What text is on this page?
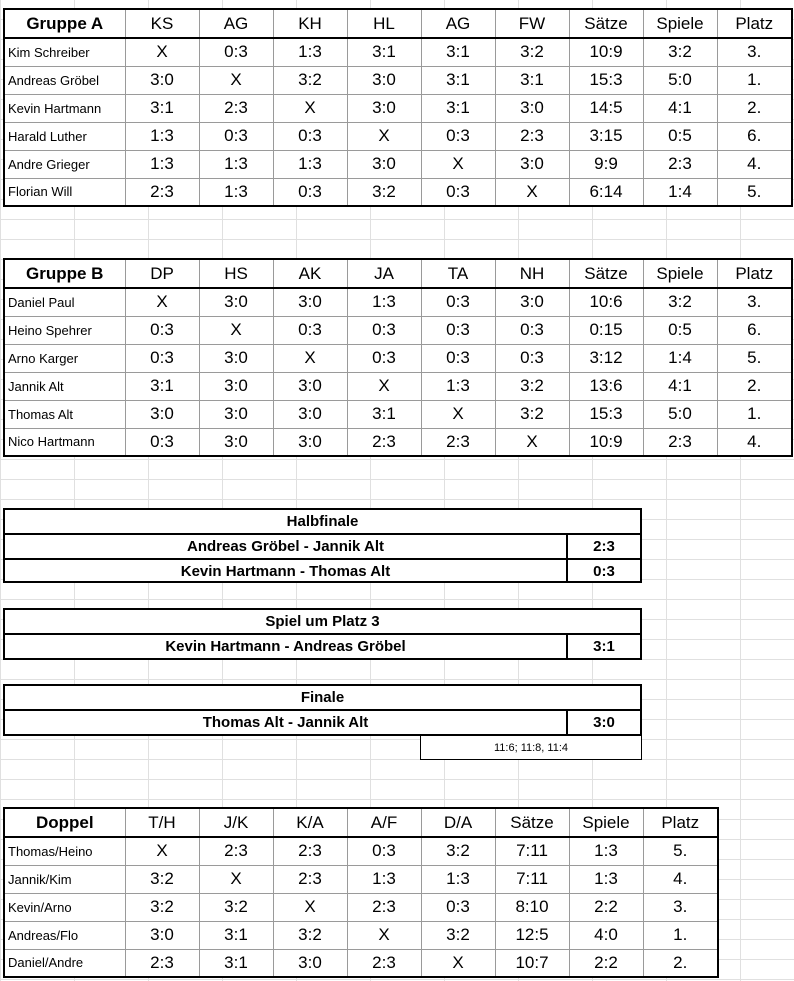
Gruppe A	KS	AG	KH	HL	AG	FW	Sätze	Spiele	Platz
Kim Schreiber	X	0:3	1:3	3:1	3:1	3:2	10:9	3:2	3.
Andreas Gröbel	3:0	X	3:2	3:0	3:1	3:1	15:3	5:0	1.
Kevin Hartmann	3:1	2:3	X	3:0	3:1	3:0	14:5	4:1	2.
Harald Luther	1:3	0:3	0:3	X	0:3	2:3	3:15	0:5	6.
Andre Grieger	1:3	1:3	1:3	3:0	X	3:0	9:9	2:3	4.
Florian Will	2:3	1:3	0:3	3:2	0:3	X	6:14	1:4	5.
Gruppe B	DP	HS	AK	JA	TA	NH	Sätze	Spiele	Platz
Daniel Paul	X	3:0	3:0	1:3	0:3	3:0	10:6	3:2	3.
Heino Spehrer	0:3	X	0:3	0:3	0:3	0:3	0:15	0:5	6.
Arno Karger	0:3	3:0	X	0:3	0:3	0:3	3:12	1:4	5.
Jannik Alt	3:1	3:0	3:0	X	1:3	3:2	13:6	4:1	2.
Thomas Alt	3:0	3:0	3:0	3:1	X	3:2	15:3	5:0	1.
Nico Hartmann	0:3	3:0	3:0	2:3	2:3	X	10:9	2:3	4.
Halbfinale
Andreas Gröbel - Jannik Alt	2:3
Kevin Hartmann - Thomas Alt	0:3
Spiel um Platz 3
Kevin Hartmann - Andreas Gröbel	3:1
Finale
Thomas Alt - Jannik Alt	3:0
11:6; 11:8, 11:4
Doppel	T/H	J/K	K/A	A/F	D/A	Sätze	Spiele	Platz
Thomas/Heino	X	2:3	2:3	0:3	3:2	7:11	1:3	5.
Jannik/Kim	3:2	X	2:3	1:3	1:3	7:11	1:3	4.
Kevin/Arno	3:2	3:2	X	2:3	0:3	8:10	2:2	3.
Andreas/Flo	3:0	3:1	3:2	X	3:2	12:5	4:0	1.
Daniel/Andre	2:3	3:1	3:0	2:3	X	10:7	2:2	2.
